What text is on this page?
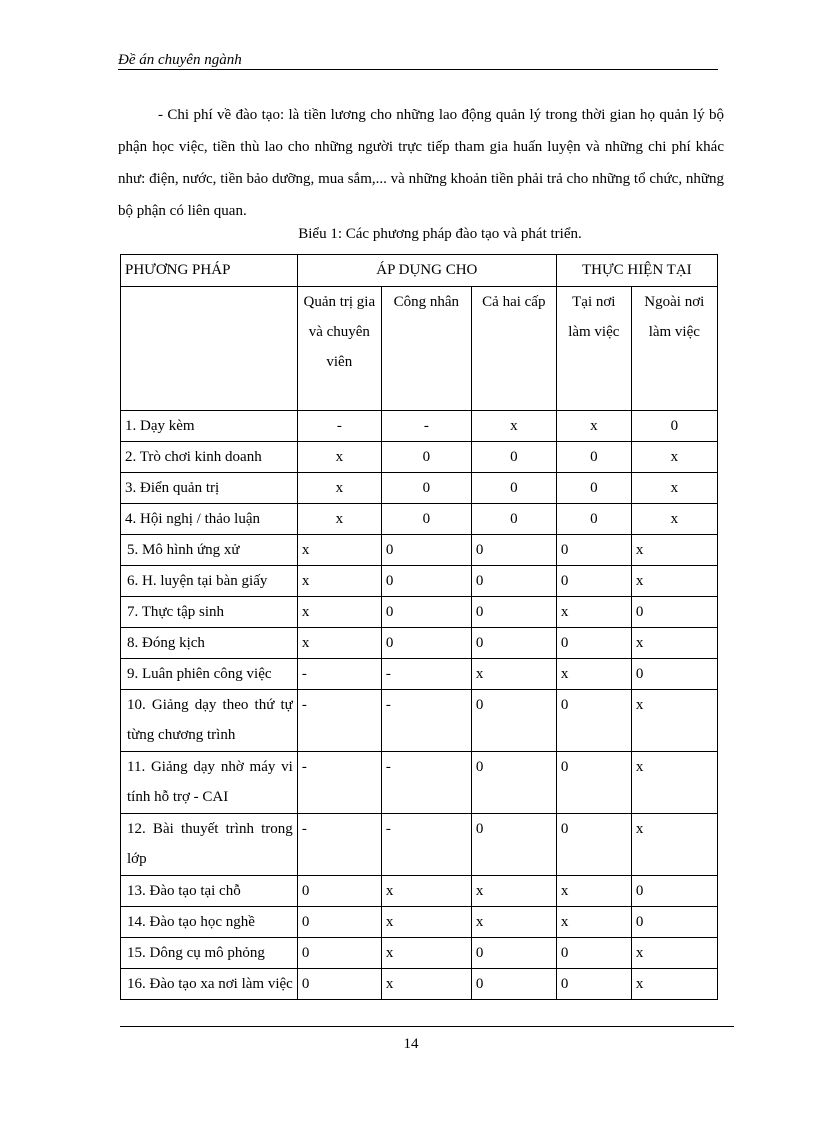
Đề án chuyên ngành

- Chi phí về đào tạo: là tiền lương cho những lao động quản lý trong thời gian họ quản lý bộ phận học việc, tiền thù lao cho những người trực tiếp tham gia huấn luyện và những chi phí khác như: điện, nước, tiền bảo dưỡng, mua sắm,... và những khoản tiền phải trả cho những tổ chức, những bộ phận có liên quan.

Biểu 1: Các phương pháp đào tạo và phát triển.

PHƯƠNG PHÁP	ÁP DỤNG CHO			THỰC HIỆN TẠI	
	Quản trị gia và chuyên viên	Công nhân	Cả hai cấp	Tại nơi làm việc	Ngoài nơi làm việc
1. Dạy kèm	-	-	x	x	0
2. Trò chơi kinh doanh	x	0	0	0	x
3. Điển quản trị	x	0	0	0	x
4. Hội nghị / thảo luận	x	0	0	0	x
5. Mô hình ứng xử	x	0	0	0	x
6. H. luyện tại bàn giấy	x	0	0	0	x
7. Thực tập sinh	x	0	0	x	0
8. Đóng kịch	x	0	0	0	x
9. Luân phiên công việc	-	-	x	x	0
10. Giảng dạy theo thứ tự từng chương trình	-	-	0	0	x
11. Giảng dạy nhờ máy vi tính hỗ trợ - CAI	-	-	0	0	x
12. Bài thuyết trình trong lớp	-	-	0	0	x
13. Đào tạo tại chỗ	0	x	x	x	0
14. Đào tạo học nghề	0	x	x	x	0
15. Dông cụ mô phỏng	0	x	0	0	x
16. Đào tạo xa nơi làm việc	0	x	0	0	x
14
